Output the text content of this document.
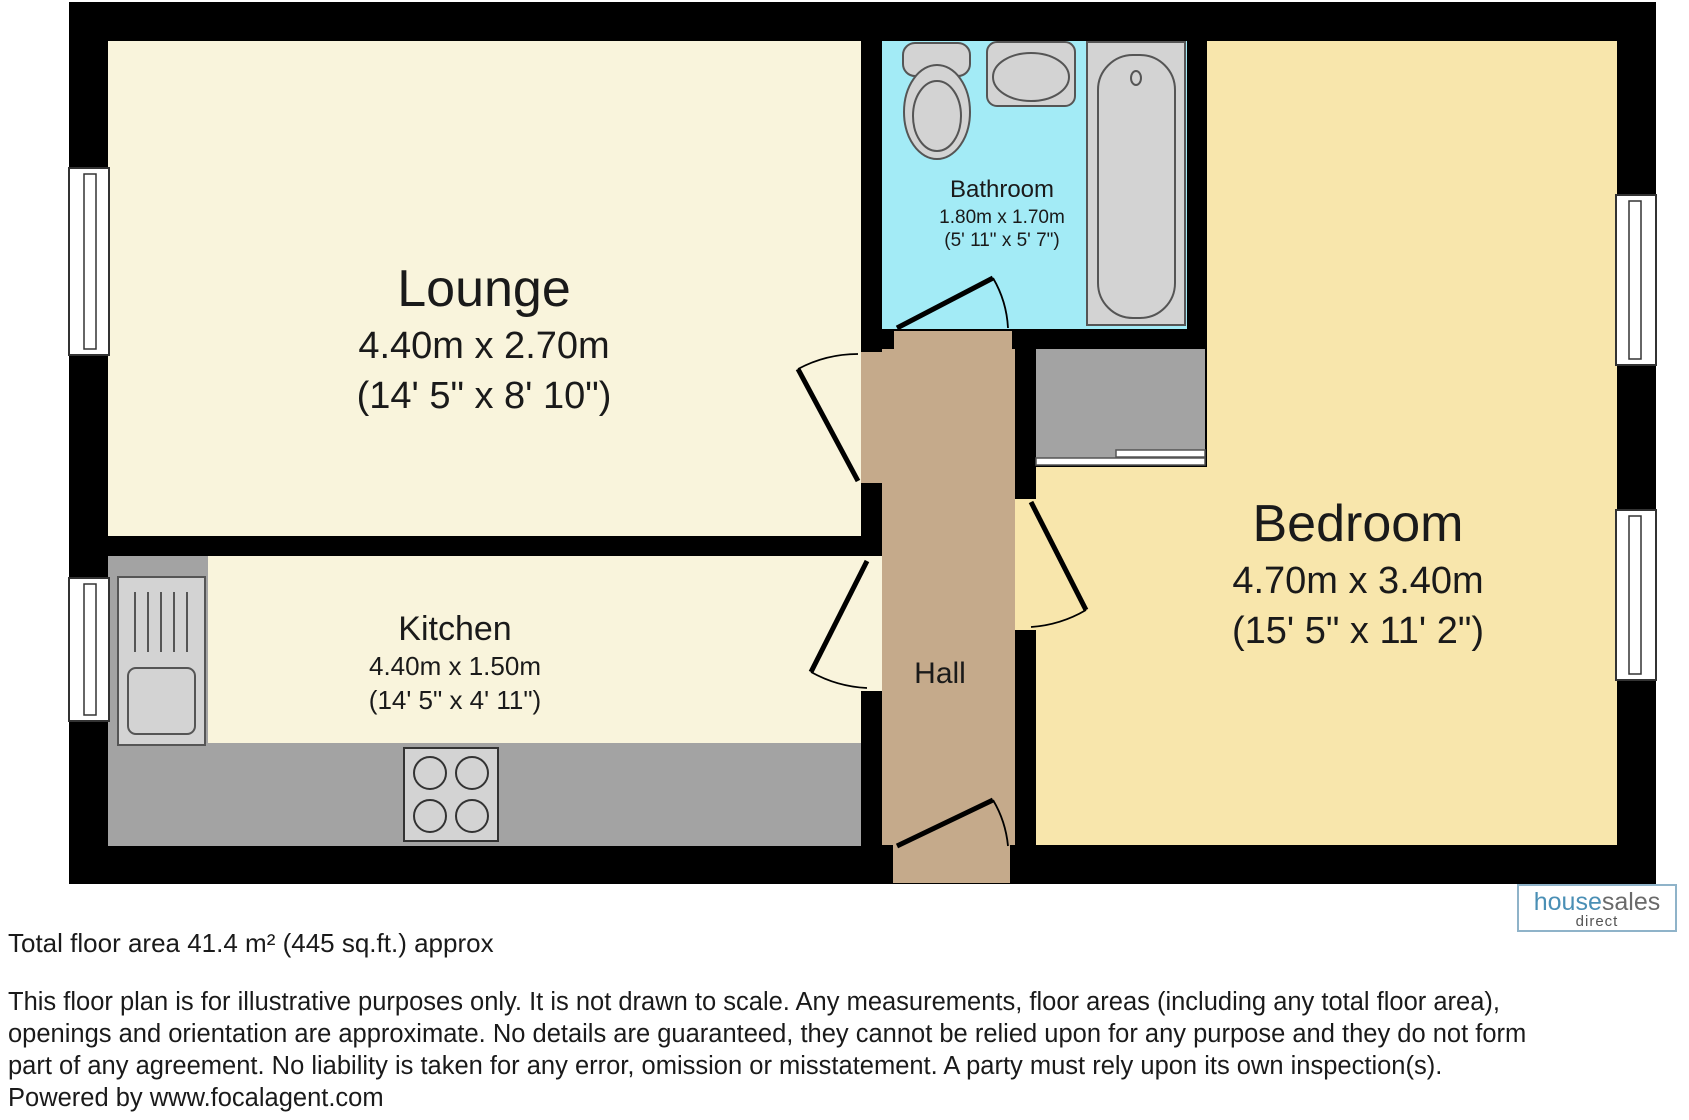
Lounge
4.40m x 2.70m
(14' 5" x 8' 10")
Bathroom
1.80m x 1.70m
(5' 11" x 5' 7")
Bedroom
4.70m x 3.40m
(15' 5" x 11' 2")
Kitchen
4.40m x 1.50m
(14' 5" x 4' 11")
Hall
housesales
direct
Total floor area 41.4 m² (445 sq.ft.) approx
This floor plan is for illustrative purposes only. It is not drawn to scale. Any measurements, floor areas (including any total floor area),
openings and orientation are approximate. No details are guaranteed, they cannot be relied upon for any purpose and they do not form
part of any agreement. No liability is taken for any error, omission or misstatement. A party must rely upon its own inspection(s).
Powered by www.focalagent.com
